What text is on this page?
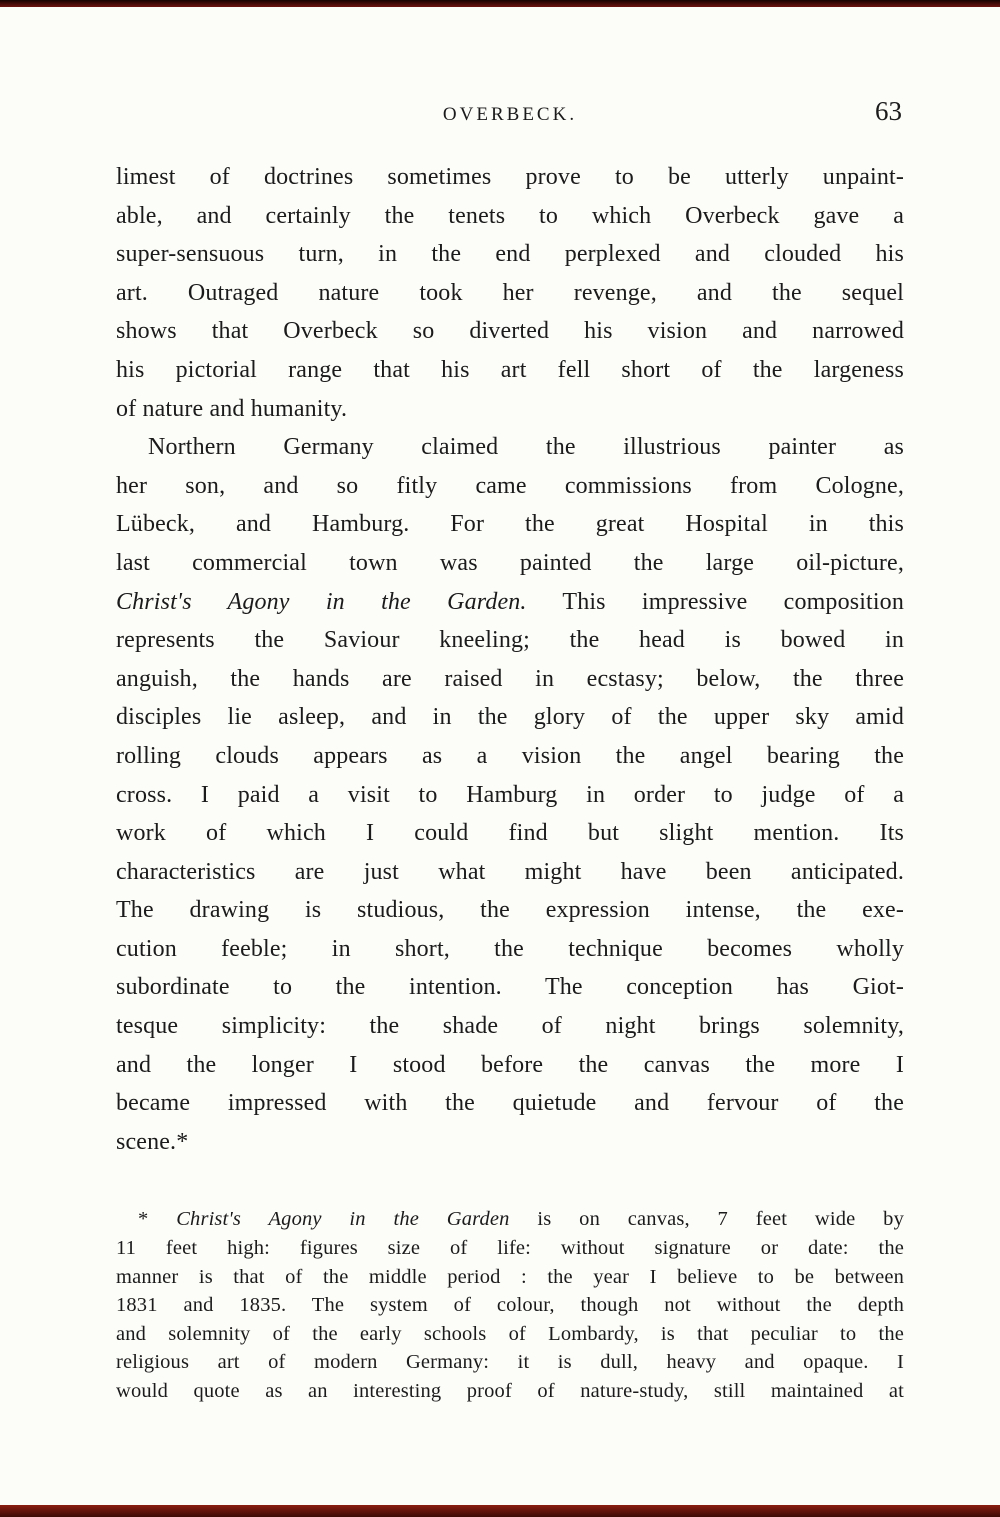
OVERBECK.	63
limest of doctrines sometimes prove to be utterly unpaint-
able, and certainly the tenets to which Overbeck gave a
super-sensuous turn, in the end perplexed and clouded his
art. Outraged nature took her revenge, and the sequel
shows that Overbeck so diverted his vision and narrowed
his pictorial range that his art fell short of the largeness
of nature and humanity.
Northern Germany claimed the illustrious painter as
her son, and so fitly came commissions from Cologne,
Lübeck, and Hamburg. For the great Hospital in this
last commercial town was painted the large oil-picture,
Christ's Agony in the Garden. This impressive composition
represents the Saviour kneeling; the head is bowed in
anguish, the hands are raised in ecstasy; below, the three
disciples lie asleep, and in the glory of the upper sky amid
rolling clouds appears as a vision the angel bearing the
cross. I paid a visit to Hamburg in order to judge of a
work of which I could find but slight mention. Its
characteristics are just what might have been anticipated.
The drawing is studious, the expression intense, the exe-
cution feeble; in short, the technique becomes wholly
subordinate to the intention. The conception has Giot-
tesque simplicity: the shade of night brings solemnity,
and the longer I stood before the canvas the more I
became impressed with the quietude and fervour of the
scene.*
* Christ's Agony in the Garden is on canvas, 7 feet wide by
11 feet high: figures size of life: without signature or date: the
manner is that of the middle period : the year I believe to be between
1831 and 1835. The system of colour, though not without the depth
and solemnity of the early schools of Lombardy, is that peculiar to the
religious art of modern Germany: it is dull, heavy and opaque. I
would quote as an interesting proof of nature-study, still maintained at
